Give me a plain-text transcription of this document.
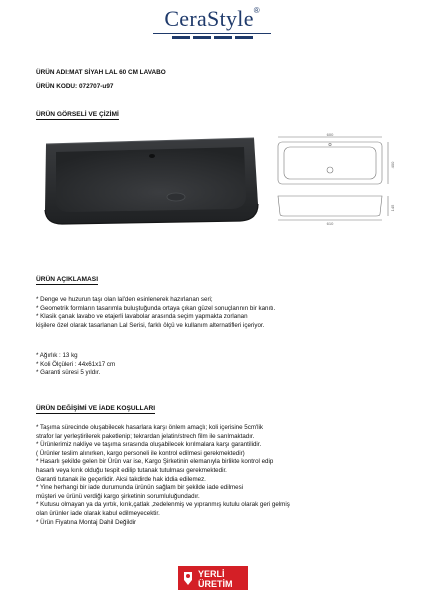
CeraStyle®
ÜRÜN ADI:MAT SİYAH LAL 60 CM LAVABO
ÜRÜN KODU: 072707-u97
ÜRÜN GÖRSELİ VE ÇİZİMİ
600
400
610
145
ÜRÜN AÇIKLAMASI
* Denge ve huzurun taşı olan lal'den esinlenerek hazırlanan seri;
* Geometrik formların tasarımla buluştuğunda ortaya çıkan güzel sonuçlarının bir kanıtı.
* Klasik çanak lavabo ve etajerli lavabolar arasında seçim yapmakta zorlanan
kişilere özel olarak tasarlanan Lal Serisi, farklı ölçü ve kullanım alternatifleri içeriyor.
* Ağırlık : 13 kg
* Koli Ölçüleri : 44x61x17 cm
* Garanti süresi 5 yıldır.
ÜRÜN DEĞİŞİMİ VE İADE KOŞULLARI
* Taşıma sürecinde oluşabilecek hasarlara karşı önlem amaçlı; koli içerisine 5cm'lik
strafor lar yerleştirilerek paketlenip; tekrardan jelatin/strech film ile sarılmaktadır.
* Ürünlerimiz nakliye ve taşıma sırasında oluşabilecek kırılmalara karşı garantilidir.
( Ürünler teslim alınırken, kargo personeli ile kontrol edilmesi gerekmektedir)
* Hasarlı şekilde gelen bir Ürün var ise, Kargo Şirketinin elemanıyla birlikte kontrol edip
hasarlı veya kırık olduğu tespit edilip tutanak tutulması gerekmektedir.
Garanti tutanak ile geçerlidir. Aksi takdirde hak iddia edilemez.
* Yine herhangi bir iade durumunda ürünün sağlam bir şekilde iade edilmesi
müşteri ve ürünü verdiği kargo şirketinin sorumluluğundadır.
* Kutusu olmayan ya da yırtık, kırık,çatlak ,zedelenmiş ve yıpranmış kutulu olarak geri gelmiş
olan ürünler iade olarak kabul edilmeyecektir.
* Ürün Fiyatına Montaj Dahil Değildir
YERLİ
ÜRETİM
